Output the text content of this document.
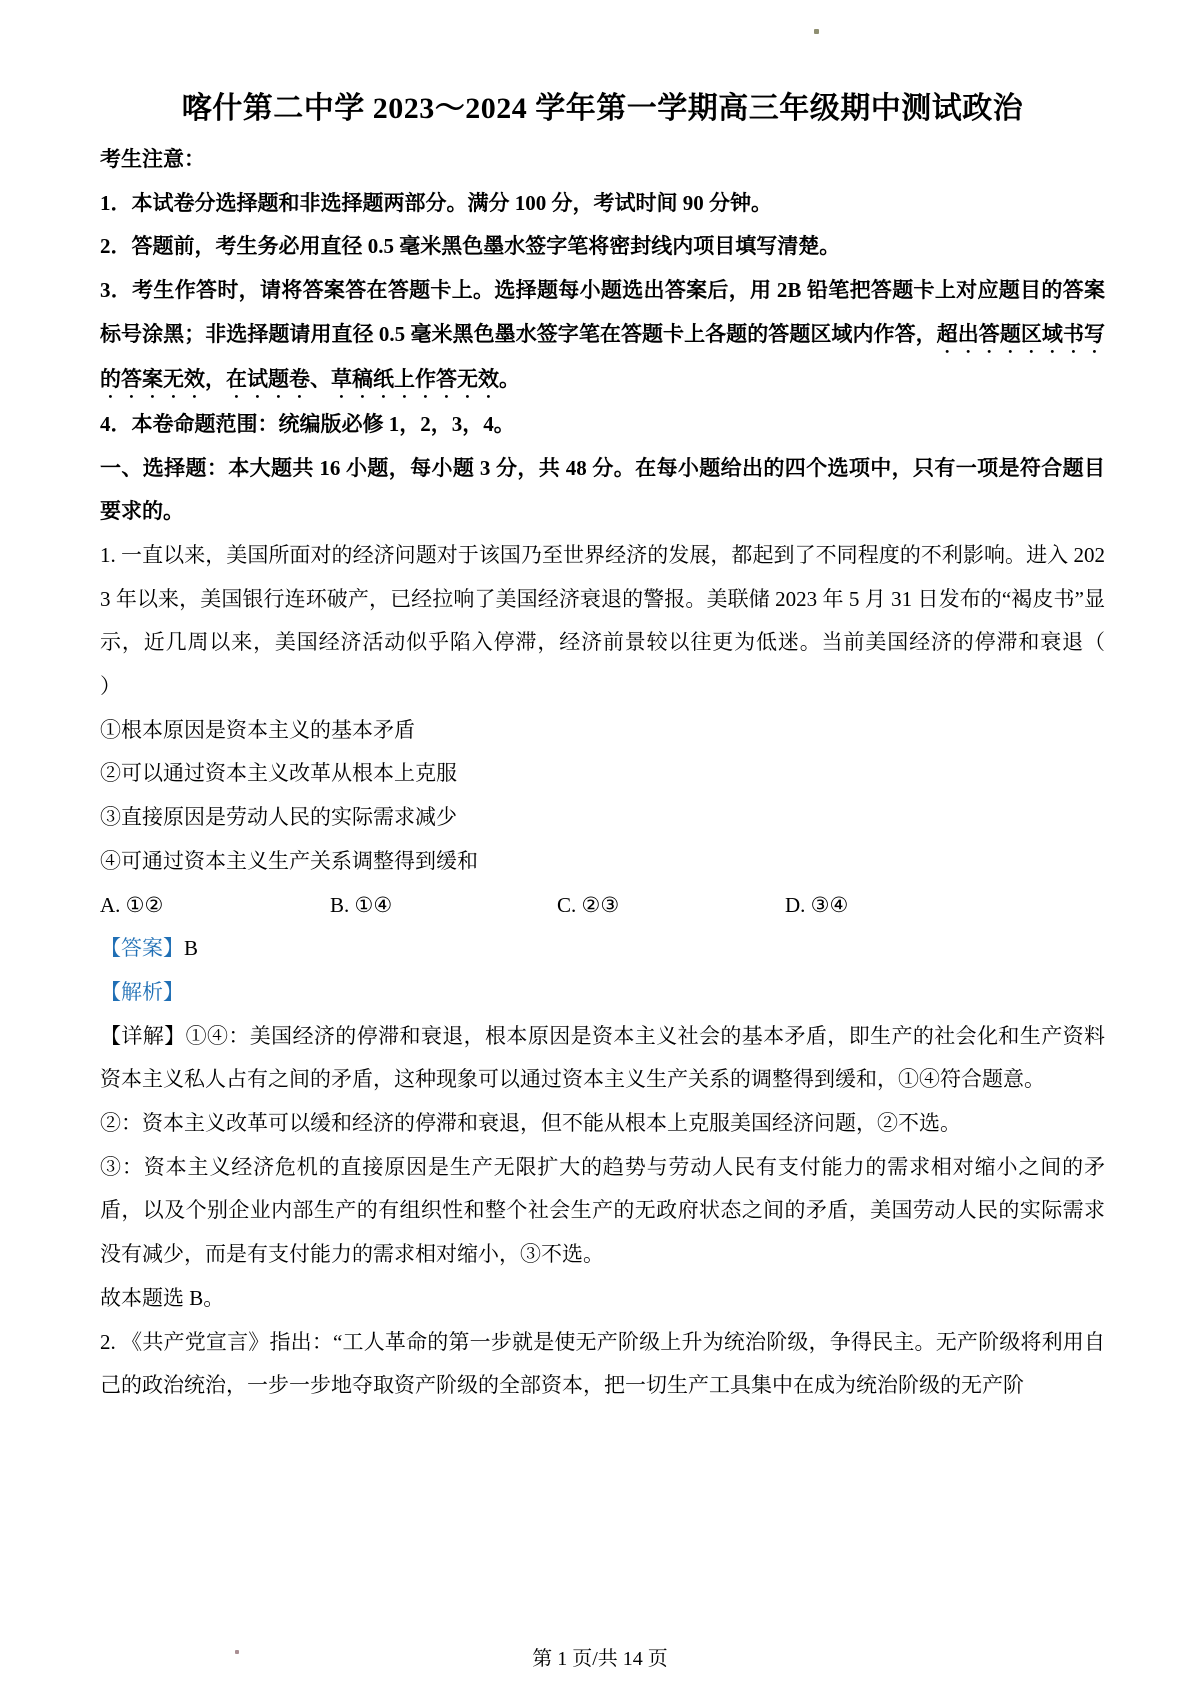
喀什第二中学 2023～2024 学年第一学期高三年级期中测试政治

考生注意：

1．本试卷分选择题和非选择题两部分。满分 100 分，考试时间 90 分钟。

2．答题前，考生务必用直径 0.5 毫米黑色墨水签字笔将密封线内项目填写清楚。

3．考生作答时，请将答案答在答题卡上。选择题每小题选出答案后，用 2B 铅笔把答题卡上对应题目的答案标号涂黑；非选择题请用直径 0.5 毫米黑色墨水签字笔在答题卡上各题的答题区域内作答，超出答题区域书写的答案无效，在试题卷、草稿纸上作答无效。

4．本卷命题范围：统编版必修 1，2，3，4。

一、选择题：本大题共 16 小题，每小题 3 分，共 48 分。在每小题给出的四个选项中，只有一项是符合题目要求的。

1. 一直以来，美国所面对的经济问题对于该国乃至世界经济的发展，都起到了不同程度的不利影响。进入 2023 年以来，美国银行连环破产，已经拉响了美国经济衰退的警报。美联储 2023 年 5 月 31 日发布的“褐皮书”显示，近几周以来，美国经济活动似乎陷入停滞，经济前景较以往更为低迷。当前美国经济的停滞和衰退（　　）

①根本原因是资本主义的基本矛盾

②可以通过资本主义改革从根本上克服

③直接原因是劳动人民的实际需求减少

④可通过资本主义生产关系调整得到缓和

A. ①②	B. ①④	C. ②③	D. ③④

【答案】B

【解析】

【详解】①④：美国经济的停滞和衰退，根本原因是资本主义社会的基本矛盾，即生产的社会化和生产资料资本主义私人占有之间的矛盾，这种现象可以通过资本主义生产关系的调整得到缓和，①④符合题意。

②：资本主义改革可以缓和经济的停滞和衰退，但不能从根本上克服美国经济问题，②不选。

③：资本主义经济危机的直接原因是生产无限扩大的趋势与劳动人民有支付能力的需求相对缩小之间的矛盾，以及个别企业内部生产的有组织性和整个社会生产的无政府状态之间的矛盾，美国劳动人民的实际需求没有减少，而是有支付能力的需求相对缩小，③不选。

故本题选 B。

2. 《共产党宣言》指出：“工人革命的第一步就是使无产阶级上升为统治阶级，争得民主。无产阶级将利用自己的政治统治，一步一步地夺取资产阶级的全部资本，把一切生产工具集中在成为统治阶级的无产阶

第 1 页/共 14 页
